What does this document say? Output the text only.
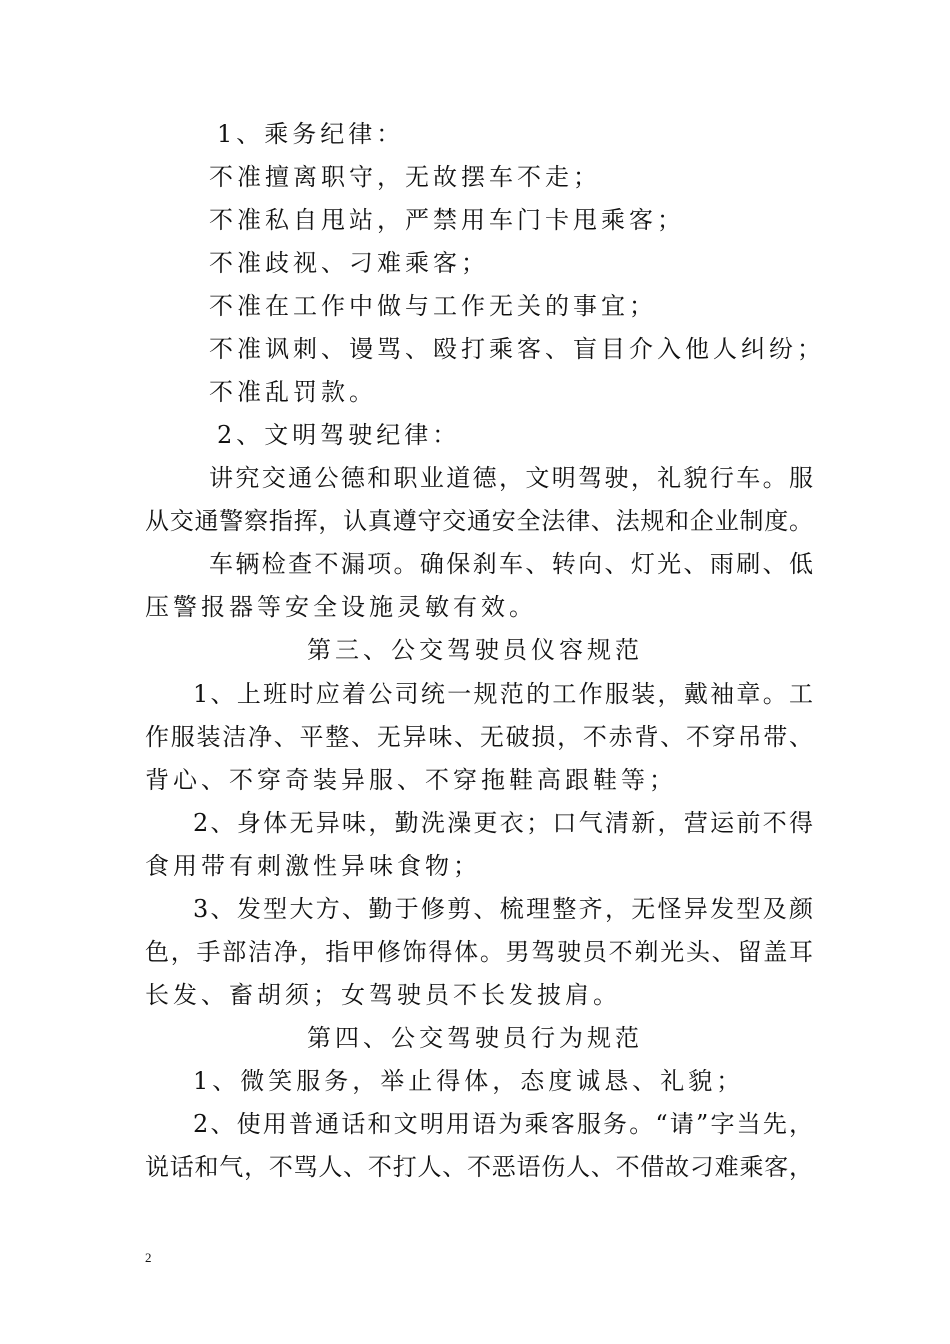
1、乘务纪律：
不准擅离职守，无故摆车不走；
不准私自甩站，严禁用车门卡甩乘客；
不准歧视、刁难乘客；
不准在工作中做与工作无关的事宜；
不准讽刺、谩骂、殴打乘客、盲目介入他人纠纷；
不准乱罚款。
2、文明驾驶纪律：
讲究交通公德和职业道德，文明驾驶，礼貌行车。服
从交通警察指挥，认真遵守交通安全法律、法规和企业制度。
车辆检查不漏项。确保刹车、转向、灯光、雨刷、低
压警报器等安全设施灵敏有效。
第三、公交驾驶员仪容规范
1、上班时应着公司统一规范的工作服装，戴袖章。工
作服装洁净、平整、无异味、无破损，不赤背、不穿吊带、
背心、不穿奇装异服、不穿拖鞋高跟鞋等；
2、身体无异味，勤洗澡更衣；口气清新，营运前不得
食用带有刺激性异味食物；
3、发型大方、勤于修剪、梳理整齐，无怪异发型及颜
色，手部洁净，指甲修饰得体。男驾驶员不剃光头、留盖耳
长发、畜胡须；女驾驶员不长发披肩。
第四、公交驾驶员行为规范
1、微笑服务，举止得体，态度诚恳、礼貌；
2、使用普通话和文明用语为乘客服务。“请”字当先，
说话和气，不骂人、不打人、不恶语伤人、不借故刁难乘客，
2
